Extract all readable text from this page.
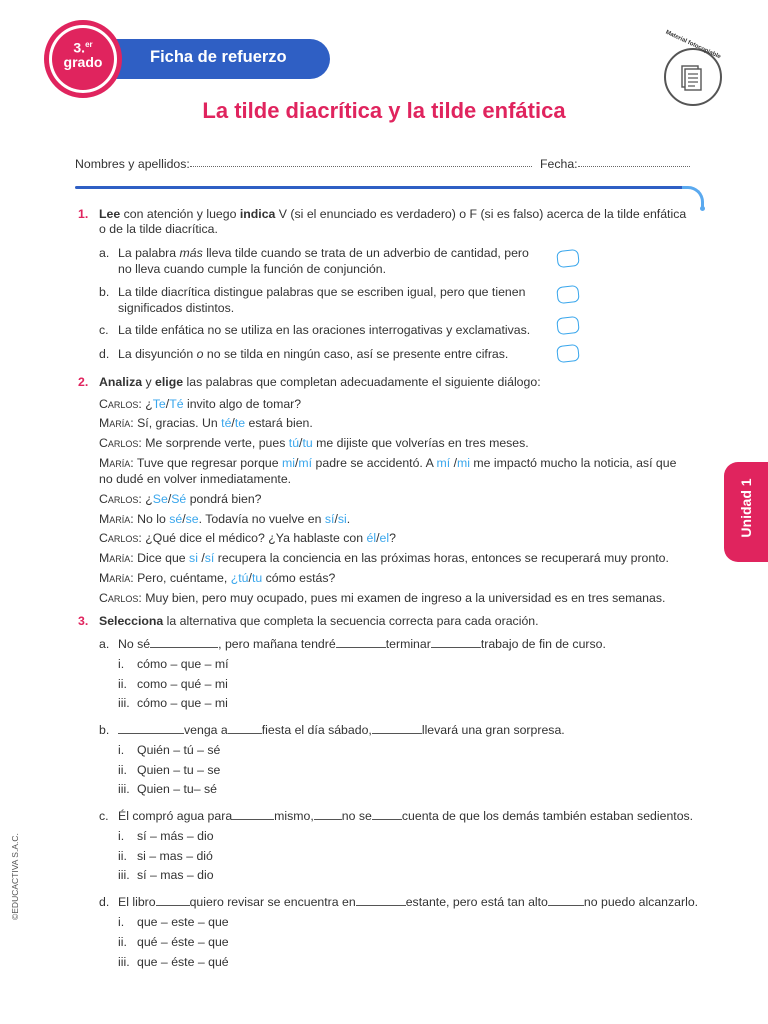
3.$^{er}$
grado	Ficha de refuerzo	Material fotocopiable
La tilde diacrítica y la tilde enfática
Nombres y apellidos:	Fecha:
1. Lee con atención y luego indica V (si el enunciado es verdadero) o F (si es falso) acerca de la tilde enfática
o de la tilde diacrítica.
a. La palabra más lleva tilde cuando se trata de un adverbio de cantidad, pero
no lleva cuando cumple la función de conjunción.
b. La tilde diacrítica distingue palabras que se escriben igual, pero que tienen
significados distintos.
c. La tilde enfática no se utiliza en las oraciones interrogativas y exclamativas.
d. La disyunción o no se tilda en ningún caso, así se presente entre cifras.
2. Analiza y elige las palabras que completan adecuadamente el siguiente diálogo:
Carlos: ¿Te/Té invito algo de tomar?
María: Sí, gracias. Un té/te estará bien.
Carlos: Me sorprende verte, pues tú/tu me dijiste que volverías en tres meses.
María: Tuve que regresar porque mi/mí padre se accidentó. A mí /mi me impactó mucho la noticia, así que
no dudé en volver inmediatamente.
Carlos: ¿Se/Sé pondrá bien?
María: No lo sé/se. Todavía no vuelve en sí/si.
Carlos: ¿Qué dice el médico? ¿Ya hablaste con él/el?
María: Dice que si /sí recupera la conciencia en las próximas horas, entonces se recuperará muy pronto.
María: Pero, cuéntame, ¿tú/tu cómo estás?
Carlos: Muy bien, pero muy ocupado, pues mi examen de ingreso a la universidad es en tres semanas.
3. Selecciona la alternativa que completa la secuencia correcta para cada oración.
a. No sé	, pero mañana tendré	terminar	trabajo de fin de curso.
i. cómo – que – mí
ii. como – qué – mi
iii. cómo – que – mi
b.	venga a	fiesta el día sábado,	llevará una gran sorpresa.
i. Quién – tú – sé
ii. Quien – tu – se
iii. Quien – tu– sé
c. Él compró agua para	mismo, no se cuenta de que los demás también estaban sedientos.
i. sí – más – dio
ii. si – mas – dió
iii. sí – mas – dio
d. El libro	quiero revisar se encuentra en	estante, pero está tan alto	no puedo alcanzarlo.
i. que – este – que
ii. qué – éste – que
iii. que – éste – qué
Unidad 1
©EDUCACTIVA S.A.C.
